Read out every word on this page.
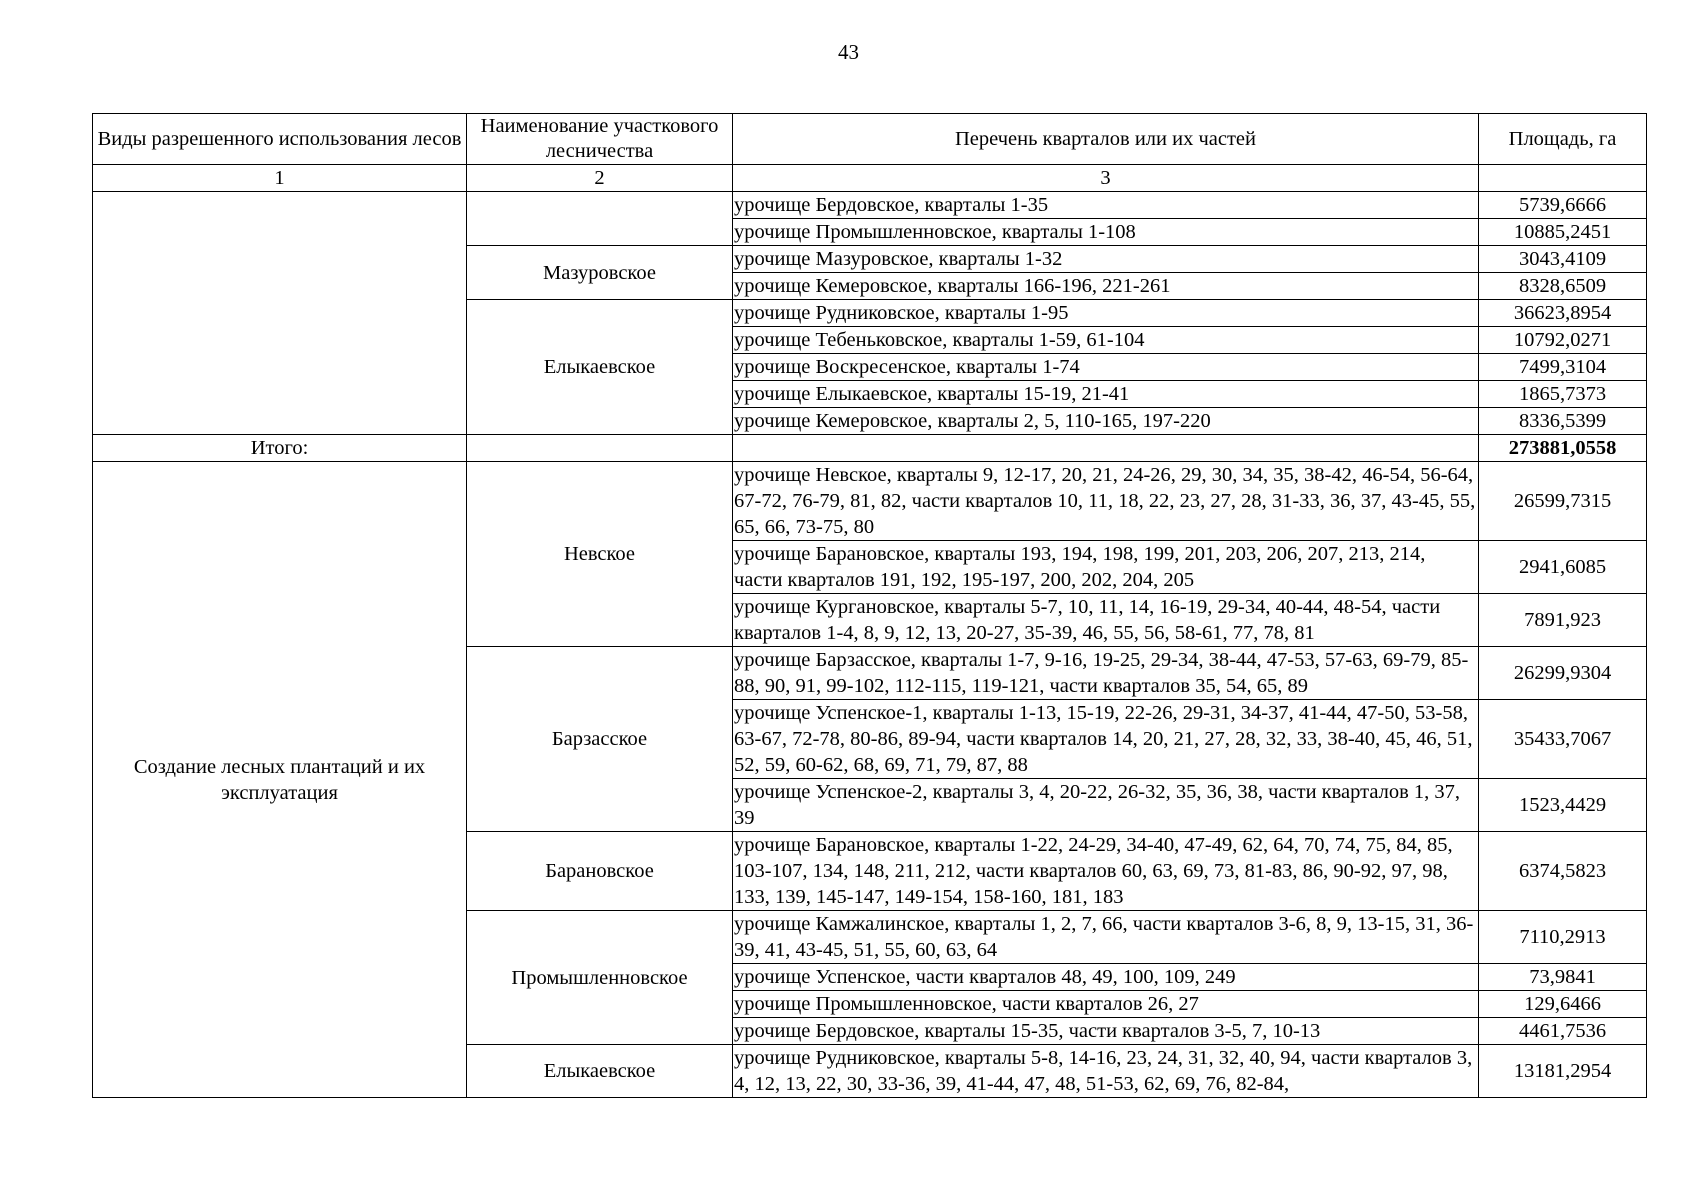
43
Виды разрешенного использования лесов	Наименование участкового лесничества	Перечень кварталов или их частей	Площадь, га
1	2	3	
		урочище Бердовское, кварталы 1-35	5739,6666
		урочище Промышленновское, кварталы 1-108	10885,2451
	Мазуровское	урочище Мазуровское, кварталы 1-32	3043,4109
		урочище Кемеровское, кварталы 166-196, 221-261	8328,6509
	Елыкаевское	урочище Рудниковское, кварталы 1-95	36623,8954
		урочище Тебеньковское, кварталы 1-59, 61-104	10792,0271
		урочище Воскресенское, кварталы 1-74	7499,3104
		урочище Елыкаевское, кварталы 15-19, 21-41	1865,7373
		урочище Кемеровское, кварталы 2, 5, 110-165, 197-220	8336,5399
Итого:			273881,0558
Создание лесных плантаций и их эксплуатация	Невское	урочище Невское, кварталы 9, 12-17, 20, 21, 24-26, 29, 30, 34, 35, 38-42, 46-54, 56-64, 67-72, 76-79, 81, 82, части кварталов 10, 11, 18, 22, 23, 27, 28, 31-33, 36, 37, 43-45, 55, 65, 66, 73-75, 80	26599,7315
		урочище Барановское, кварталы 193, 194, 198, 199, 201, 203, 206, 207, 213, 214, части кварталов 191, 192, 195-197, 200, 202, 204, 205	2941,6085
		урочище Кургановское, кварталы 5-7, 10, 11, 14, 16-19, 29-34, 40-44, 48-54, части кварталов 1-4, 8, 9, 12, 13, 20-27, 35-39, 46, 55, 56, 58-61, 77, 78, 81	7891,923
	Барзасское	урочище Барзасское, кварталы 1-7, 9-16, 19-25, 29-34, 38-44, 47-53, 57-63, 69-79, 85-88, 90, 91, 99-102, 112-115, 119-121, части кварталов 35, 54, 65, 89	26299,9304
		урочище Успенское-1, кварталы 1-13, 15-19, 22-26, 29-31, 34-37, 41-44, 47-50, 53-58, 63-67, 72-78, 80-86, 89-94, части кварталов 14, 20, 21, 27, 28, 32, 33, 38-40, 45, 46, 51, 52, 59, 60-62, 68, 69, 71, 79, 87, 88	35433,7067
		урочище Успенское-2, кварталы 3, 4, 20-22, 26-32, 35, 36, 38, части кварталов 1, 37, 39	1523,4429
	Барановское	урочище Барановское, кварталы 1-22, 24-29, 34-40, 47-49, 62, 64, 70, 74, 75, 84, 85, 103-107, 134, 148, 211, 212, части кварталов 60, 63, 69, 73, 81-83, 86, 90-92, 97, 98, 133, 139, 145-147, 149-154, 158-160, 181, 183	6374,5823
	Промышленновское	урочище Камжалинское, кварталы 1, 2, 7, 66, части кварталов 3-6, 8, 9, 13-15, 31, 36-39, 41, 43-45, 51, 55, 60, 63, 64	7110,2913
		урочище Успенское, части кварталов 48, 49, 100, 109, 249	73,9841
		урочище Промышленновское, части кварталов 26, 27	129,6466
		урочище Бердовское, кварталы 15-35, части кварталов 3-5, 7, 10-13	4461,7536
	Елыкаевское	урочище Рудниковское, кварталы 5-8, 14-16, 23, 24, 31, 32, 40, 94, части кварталов 3, 4, 12, 13, 22, 30, 33-36, 39, 41-44, 47, 48, 51-53, 62, 69, 76, 82-84,	13181,2954
